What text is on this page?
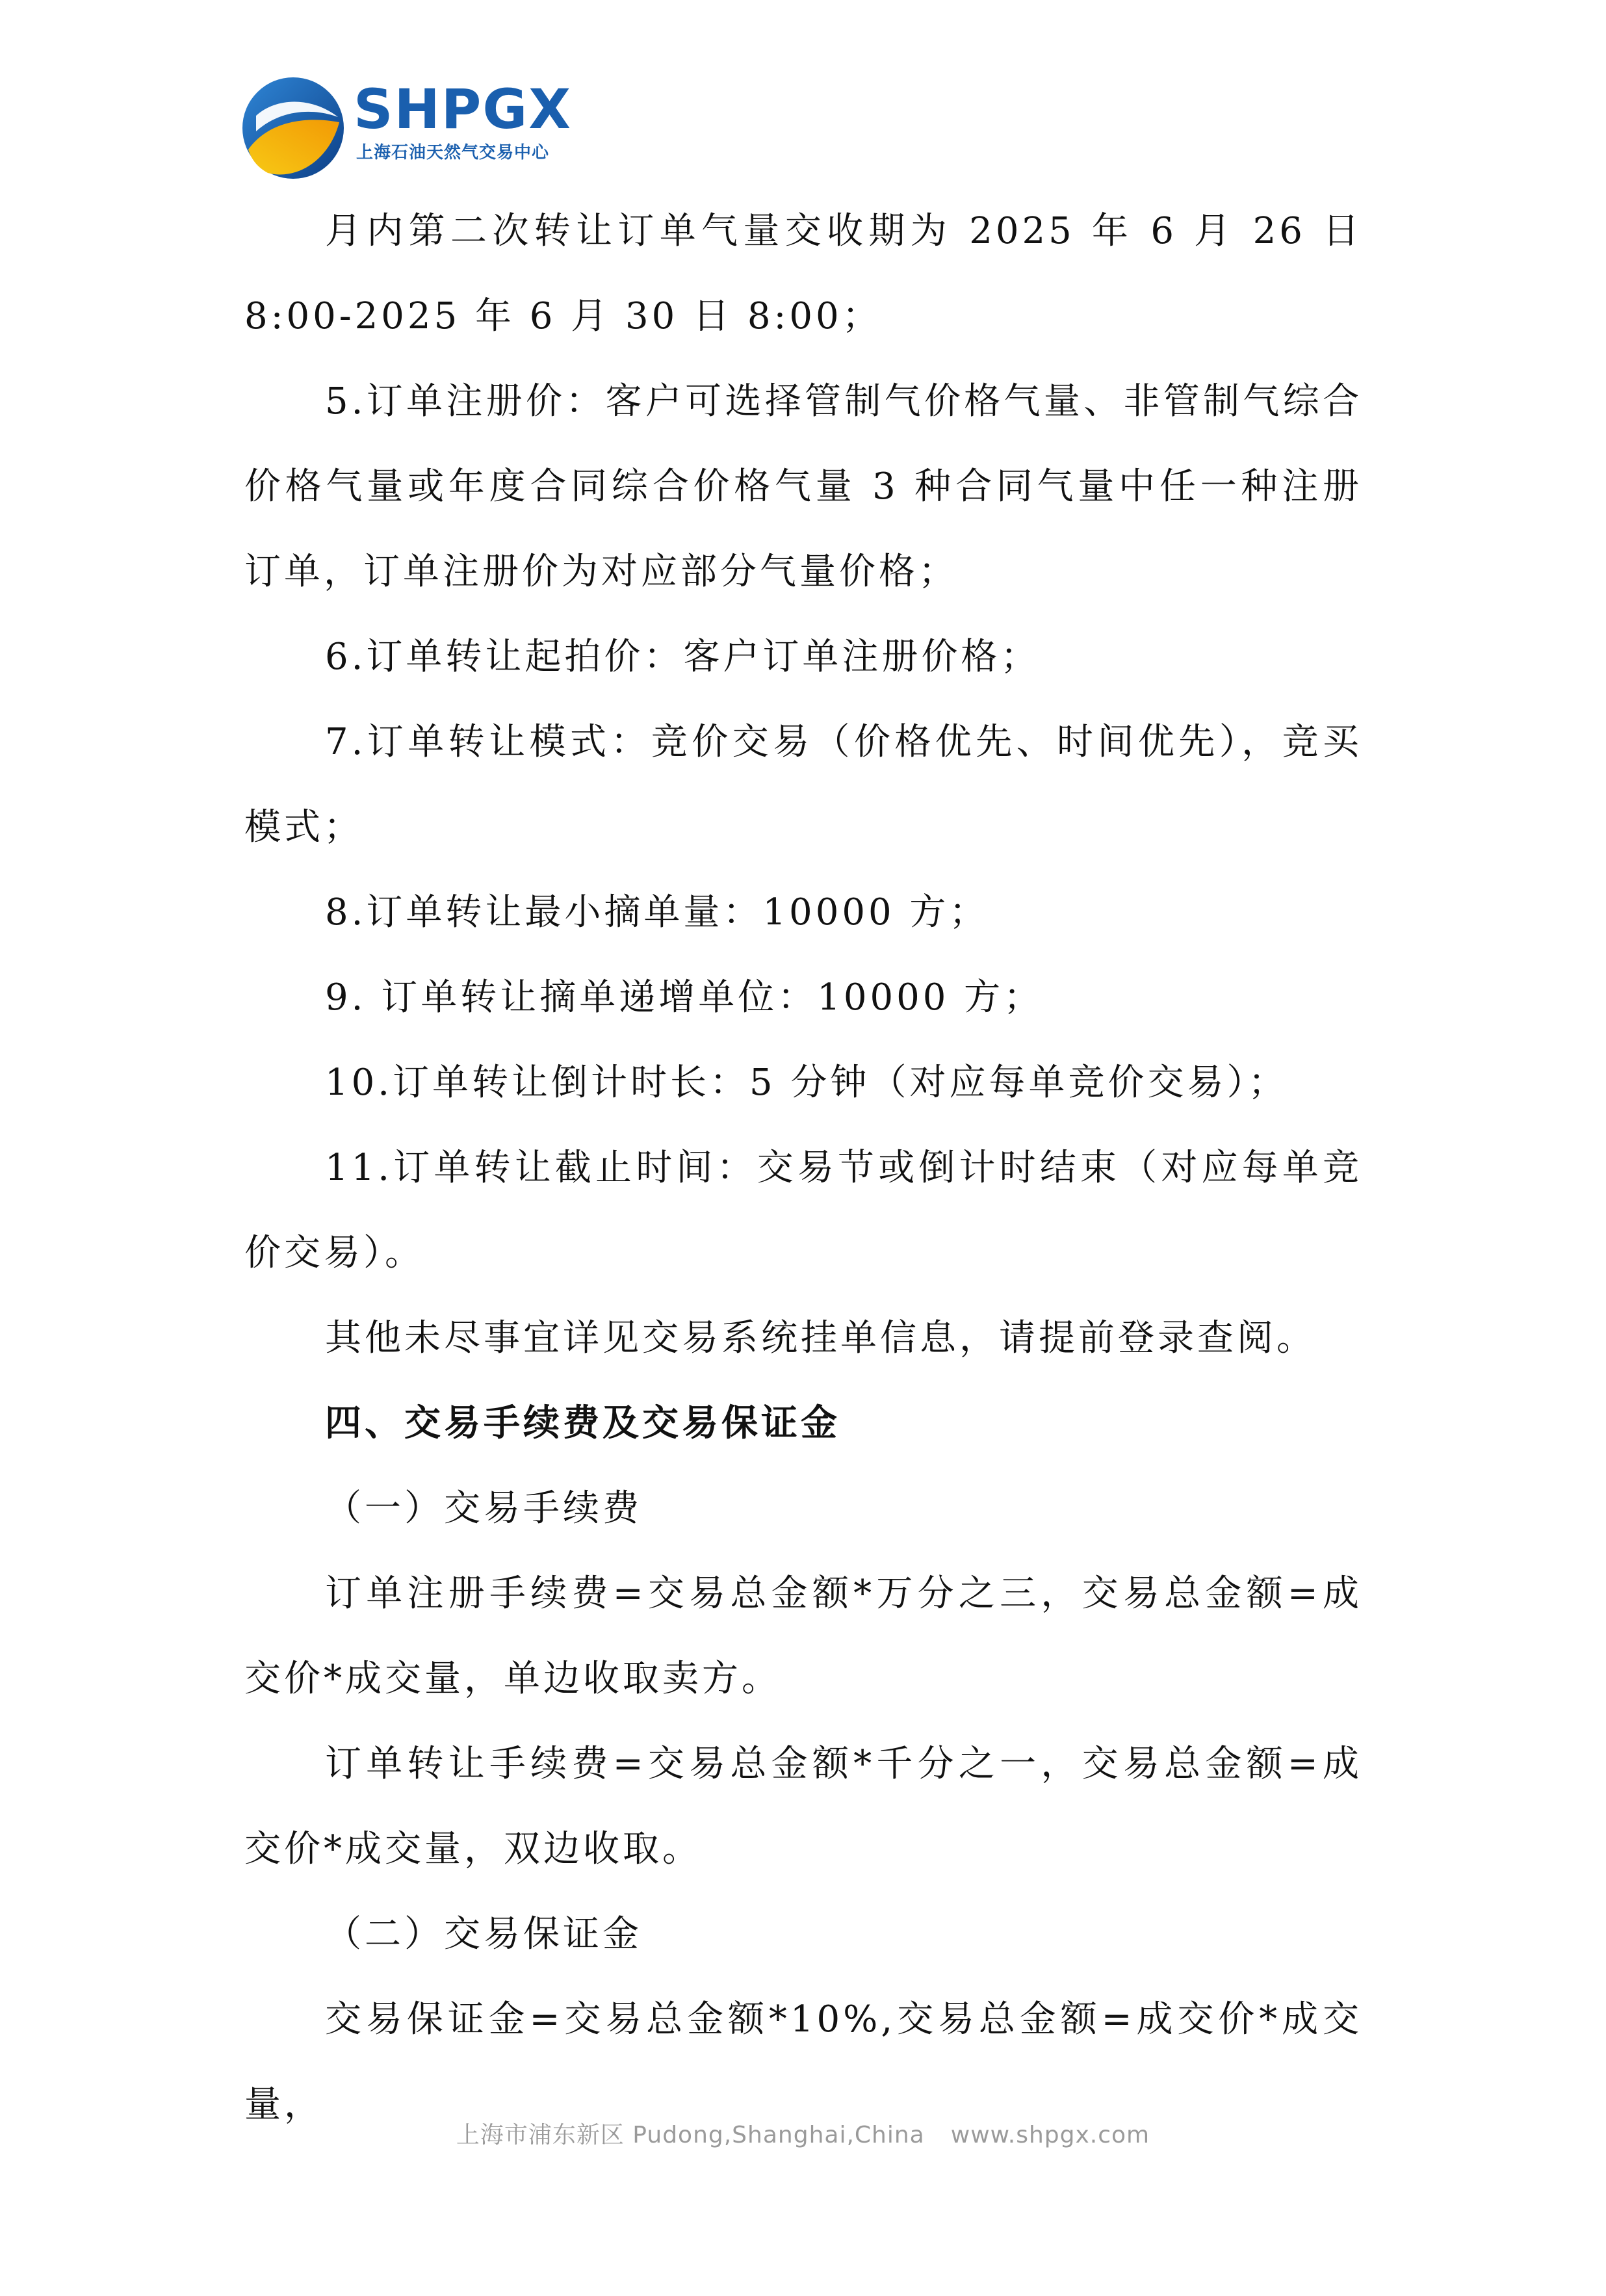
SHPGX
上海石油天然气交易中心

月内第二次转让订单气量交收期为 2025 年 6 月 26 日 8:00-2025 年 6 月 30 日 8:00；

5.订单注册价：客户可选择管制气价格气量、非管制气综合价格气量或年度合同综合价格气量 3 种合同气量中任一种注册订单，订单注册价为对应部分气量价格；

6.订单转让起拍价：客户订单注册价格；

7.订单转让模式：竞价交易（价格优先、时间优先），竞买模式；

8.订单转让最小摘单量：10000 方；

9. 订单转让摘单递增单位：10000 方；

10.订单转让倒计时长：5 分钟（对应每单竞价交易）；

11.订单转让截止时间：交易节或倒计时结束（对应每单竞价交易）。

其他未尽事宜详见交易系统挂单信息，请提前登录查阅。

四、交易手续费及交易保证金

（一）交易手续费

订单注册手续费=交易总金额*万分之三，交易总金额=成交价*成交量，单边收取卖方。

订单转让手续费=交易总金额*千分之一，交易总金额=成交价*成交量，双边收取。

（二）交易保证金

交易保证金=交易总金额*10%,交易总金额=成交价*成交量，

上海市浦东新区 Pudong,Shanghai,China www.shpgx.com
